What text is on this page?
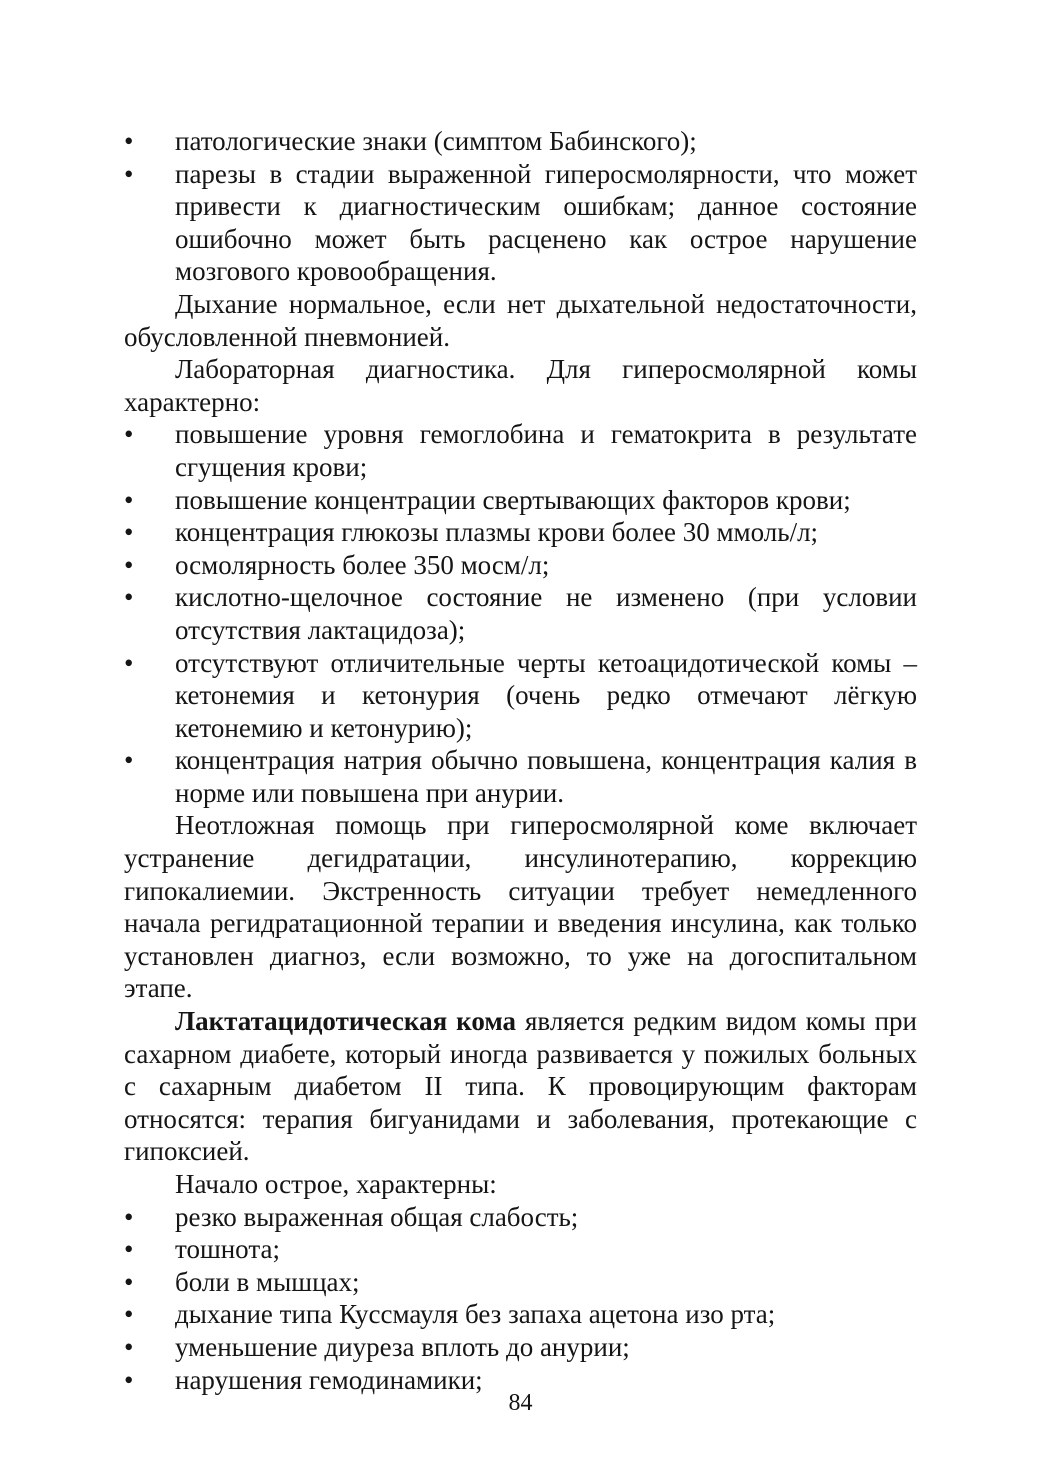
• патологические знаки (симптом Бабинского);
• парезы в стадии выраженной гиперосмолярности, что может привести к диагностическим ошибкам; данное состояние ошибочно может быть расценено как острое нарушение мозгового кровообращения.

Дыхание нормальное, если нет дыхательной недостаточности, обусловленной пневмонией.

Лабораторная диагностика. Для гиперосмолярной комы характерно:

• повышение уровня гемоглобина и гематокрита в результате сгущения крови;
• повышение концентрации свертывающих факторов крови;
• концентрация глюкозы плазмы крови более 30 ммоль/л;
• осмолярность более 350 мосм/л;
• кислотно-щелочное состояние не изменено (при условии отсутствия лактацидоза);
• отсутствуют отличительные черты кетоацидотической комы – кетонемия и кетонурия (очень редко отмечают лёгкую кетонемию и кетонурию);
• концентрация натрия обычно повышена, концентрация калия в норме или повышена при анурии.

Неотложная помощь при гиперосмолярной коме включает устранение дегидратации, инсулинотерапию, коррекцию гипокалиемии. Экстренность ситуации требует немедленного начала регидратационной терапии и введения инсулина, как только установлен диагноз, если возможно, то уже на догоспитальном этапе.

Лактатацидотическая кома является редким видом комы при сахарном диабете, который иногда развивается у пожилых больных с сахарным диабетом II типа. К провоцирующим факторам относятся: терапия бигуанидами и заболевания, протекающие с гипоксией.

Начало острое, характерны:

• резко выраженная общая слабость;
• тошнота;
• боли в мышцах;
• дыхание типа Куссмауля без запаха ацетона изо рта;
• уменьшение диуреза вплоть до анурии;
• нарушения гемодинамики;
84
